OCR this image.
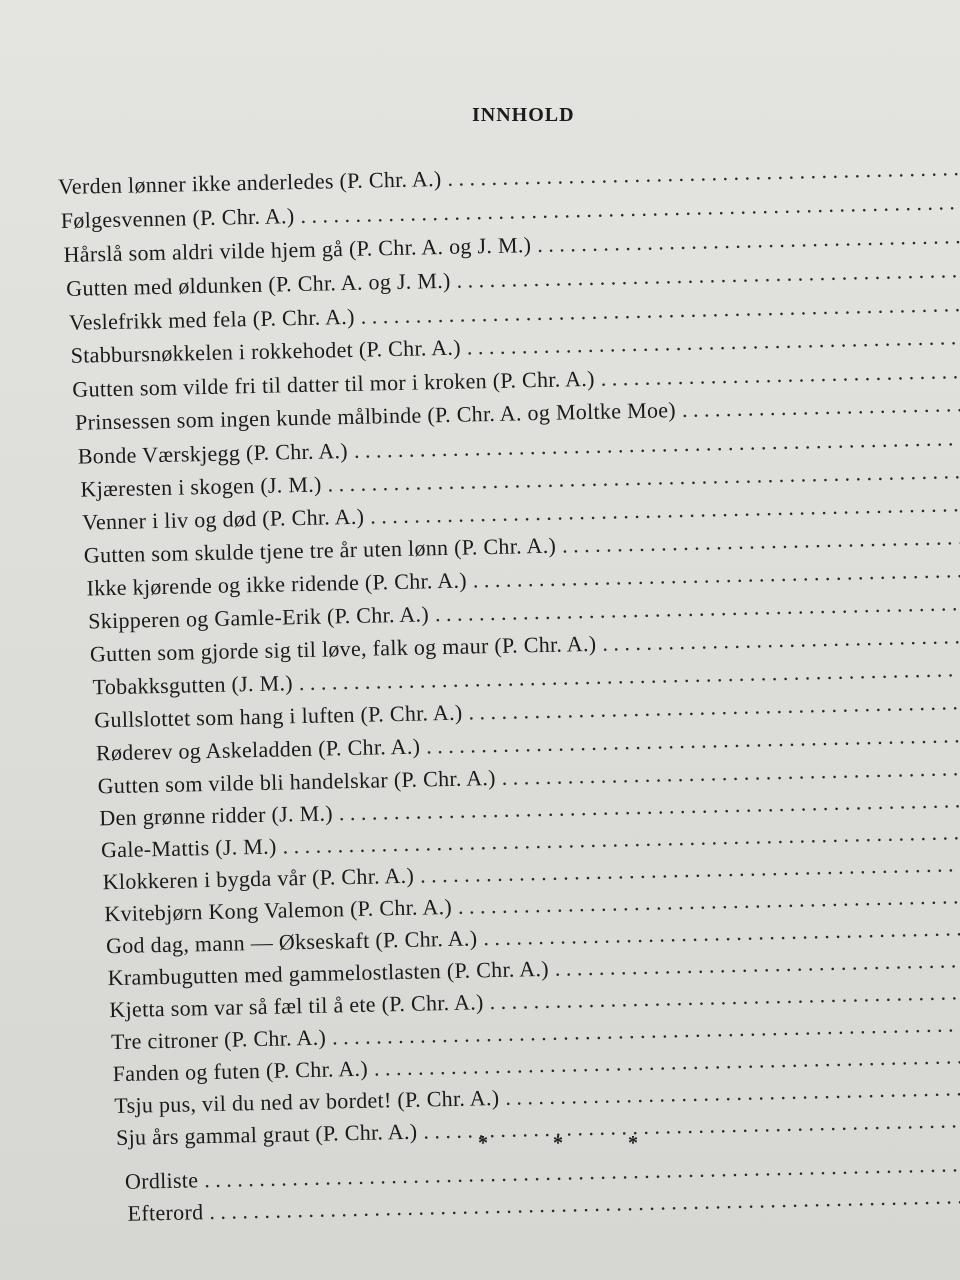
INNHOLD
Verden lønner ikke anderledes (P. Chr. A.)
. . .
Følgesvennen (P. Chr. A.)
. . .
Hårslå som aldri vilde hjem gå (P. Chr. A. og J. M.)
. . .
Gutten med øldunken (P. Chr. A. og J. M.)
. . .
Veslefrikk med fela (P. Chr. A.)
. . .
Stabbursnøkkelen i rokkehodet (P. Chr. A.)
. . .
Gutten som vilde fri til datter til mor i kroken (P. Chr. A.)
. . .
Prinsessen som ingen kunde målbinde (P. Chr. A. og Moltke Moe)
. . .
Bonde Værskjegg (P. Chr. A.)
. . .
Kjæresten i skogen (J. M.)
. . .
Venner i liv og død (P. Chr. A.)
. . .
Gutten som skulde tjene tre år uten lønn (P. Chr. A.)
. . .
Ikke kjørende og ikke ridende (P. Chr. A.)
. . .
Skipperen og Gamle-Erik (P. Chr. A.)
. . .
Gutten som gjorde sig til løve, falk og maur (P. Chr. A.)
. . .
Tobakksgutten (J. M.)
. . .
Gullslottet som hang i luften (P. Chr. A.)
. . .
Røderev og Askeladden (P. Chr. A.)
. . .
Gutten som vilde bli handelskar (P. Chr. A.)
. . .
Den grønne ridder (J. M.)
. . .
Gale-Mattis (J. M.)
. . .
Klokkeren i bygda vår (P. Chr. A.)
. . .
Kvitebjørn Kong Valemon (P. Chr. A.)
. . .
God dag, mann — Økseskaft (P. Chr. A.)
. . .
Krambugutten med gammelostlasten (P. Chr. A.)
. . .
Kjetta som var så fæl til å ete (P. Chr. A.)
. . .
Tre citroner (P. Chr. A.)
. . .
Fanden og futen (P. Chr. A.)
. . .
Tsju pus, vil du ned av bordet! (P. Chr. A.)
. . .
Sju års gammal graut (P. Chr. A.)
. . .
Ordliste
. . .
Efterord
. . .
* * *
